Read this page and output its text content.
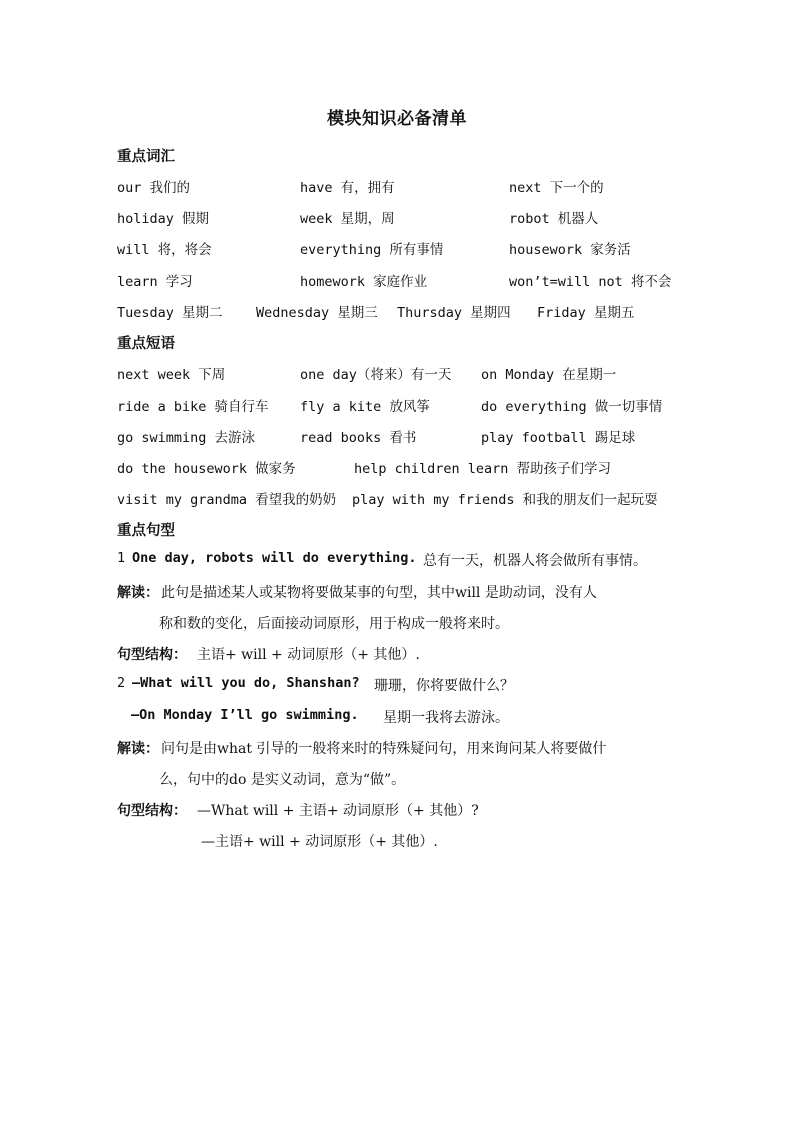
模块知识必备清单
重点词汇
our 我们的	have 有，拥有	next 下一个的
holiday 假期	week 星期，周	robot 机器人
will 将，将会	everything 所有事情	housework 家务活
learn 学习	homework 家庭作业	won’t=will not 将不会
Tuesday 星期二 Wednesday 星期三 Thursday 星期四 Friday 星期五
重点短语
next week 下周	one day（将来）有一天 on Monday 在星期一
ride a bike 骑自行车 fly a kite 放风筝	do everything 做一切事情
go swimming 去游泳	read books 看书	play football 踢足球
do the housework 做家务	help children learn 帮助孩子们学习
visit my grandma 看望我的奶奶 play with my friends 和我的朋友们一起玩耍
重点句型
1 One day, robots will do everything. 总有一天，机器人将会做所有事情。
解读： 此句是描述某人或某物将要做某事的句型，其中will 是助动词，没有人
称和数的变化，后面接动词原形，用于构成一般将来时。
句型结构： 主语+ will + 动词原形（+ 其他）.
2 —What will you do, Shanshan? 珊珊，你将要做什么？
—On Monday I’ll go swimming. 星期一我将去游泳。
解读： 问句是由what 引导的一般将来时的特殊疑问句，用来询问某人将要做什
么，句中的do 是实义动词，意为“做”。
句型结构： —What will + 主语+ 动词原形（+ 其他）?
—主语+ will + 动词原形（+ 其他）.
